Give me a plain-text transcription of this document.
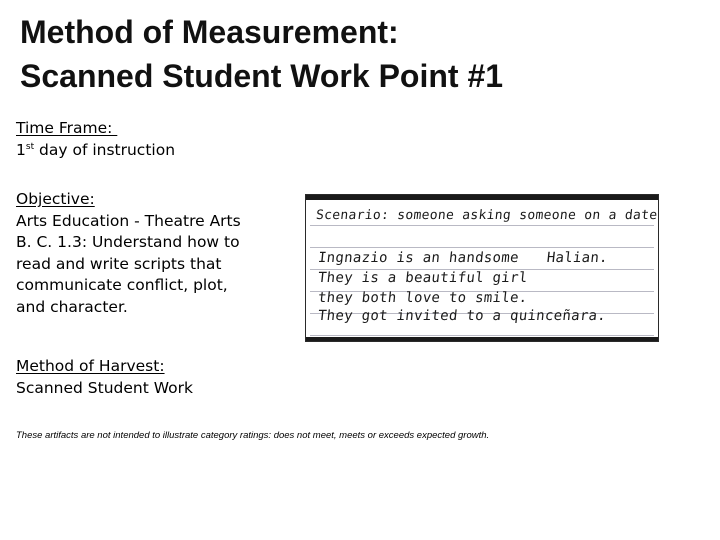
Method of Measurement:
Scanned Student Work Point #1
Time Frame:
1st day of instruction
Objective:
Arts Education - Theatre Arts
B. C. 1.3: Understand how to
read and write scripts that
communicate conflict, plot,
and character.
Scenario: someone asking someone on a date
Ingnazio is an handsome Halian.
They is a beautiful girl
they both love to smile.
They got invited to a quinceñara.
Method of Harvest:
Scanned Student Work
These artifacts are not intended to illustrate category ratings: does not meet, meets or exceeds expected growth.
